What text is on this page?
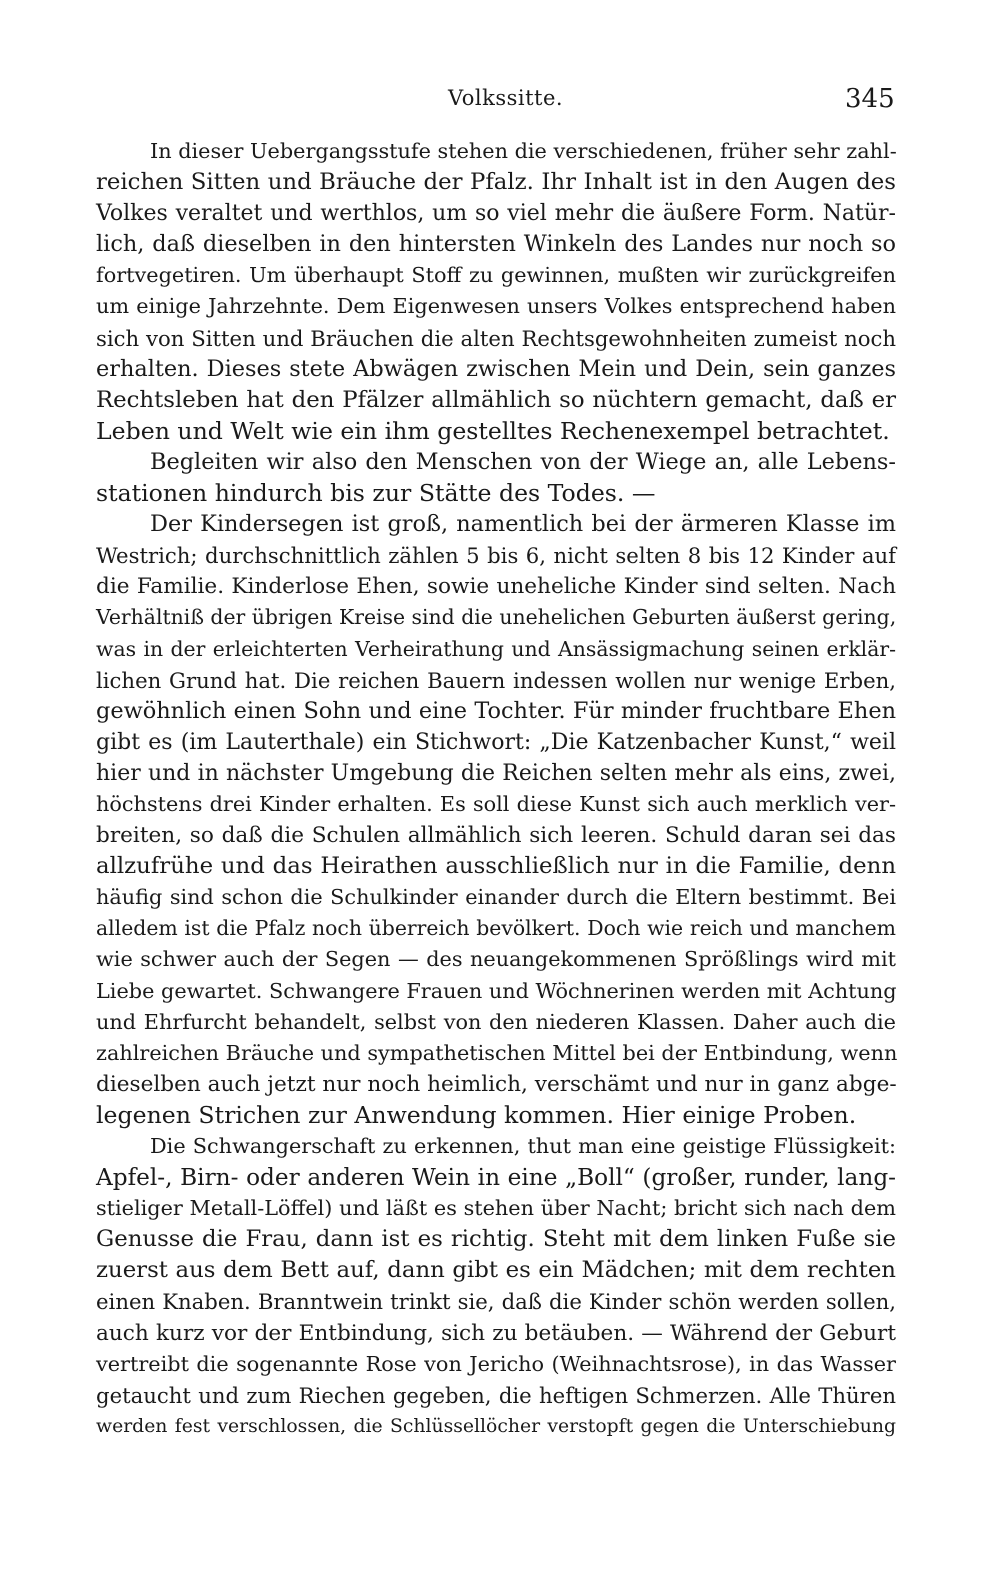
Volkssitte.	345
In dieser Uebergangsstufe stehen die verschiedenen, früher sehr zahl-
reichen Sitten und Bräuche der Pfalz. Ihr Inhalt ist in den Augen des
Volkes veraltet und werthlos, um so viel mehr die äußere Form. Natür-
lich, daß dieselben in den hintersten Winkeln des Landes nur noch so
fortvegetiren. Um überhaupt Stoff zu gewinnen, mußten wir zurückgreifen
um einige Jahrzehnte. Dem Eigenwesen unsers Volkes entsprechend haben
sich von Sitten und Bräuchen die alten Rechtsgewohnheiten zumeist noch
erhalten. Dieses stete Abwägen zwischen Mein und Dein, sein ganzes
Rechtsleben hat den Pfälzer allmählich so nüchtern gemacht, daß er
Leben und Welt wie ein ihm gestelltes Rechenexempel betrachtet.
Begleiten wir also den Menschen von der Wiege an, alle Lebens-
stationen hindurch bis zur Stätte des Todes. —
Der Kindersegen ist groß, namentlich bei der ärmeren Klasse im
Westrich; durchschnittlich zählen 5 bis 6, nicht selten 8 bis 12 Kinder auf
die Familie. Kinderlose Ehen, sowie uneheliche Kinder sind selten. Nach
Verhältniß der übrigen Kreise sind die unehelichen Geburten äußerst gering,
was in der erleichterten Verheirathung und Ansässigmachung seinen erklär-
lichen Grund hat. Die reichen Bauern indessen wollen nur wenige Erben,
gewöhnlich einen Sohn und eine Tochter. Für minder fruchtbare Ehen
gibt es (im Lauterthale) ein Stichwort: „Die Katzenbacher Kunst,“ weil
hier und in nächster Umgebung die Reichen selten mehr als eins, zwei,
höchstens drei Kinder erhalten. Es soll diese Kunst sich auch merklich ver-
breiten, so daß die Schulen allmählich sich leeren. Schuld daran sei das
allzufrühe und das Heirathen ausschließlich nur in die Familie, denn
häufig sind schon die Schulkinder einander durch die Eltern bestimmt. Bei
alledem ist die Pfalz noch überreich bevölkert. Doch wie reich und manchem
wie schwer auch der Segen — des neuangekommenen Sprößlings wird mit
Liebe gewartet. Schwangere Frauen und Wöchnerinen werden mit Achtung
und Ehrfurcht behandelt, selbst von den niederen Klassen. Daher auch die
zahlreichen Bräuche und sympathetischen Mittel bei der Entbindung, wenn
dieselben auch jetzt nur noch heimlich, verschämt und nur in ganz abge-
legenen Strichen zur Anwendung kommen. Hier einige Proben.
Die Schwangerschaft zu erkennen, thut man eine geistige Flüssigkeit:
Apfel-, Birn- oder anderen Wein in eine „Boll“ (großer, runder, lang-
stieliger Metall-Löffel) und läßt es stehen über Nacht; bricht sich nach dem
Genusse die Frau, dann ist es richtig. Steht mit dem linken Fuße sie
zuerst aus dem Bett auf, dann gibt es ein Mädchen; mit dem rechten
einen Knaben. Branntwein trinkt sie, daß die Kinder schön werden sollen,
auch kurz vor der Entbindung, sich zu betäuben. — Während der Geburt
vertreibt die sogenannte Rose von Jericho (Weihnachtsrose), in das Wasser
getaucht und zum Riechen gegeben, die heftigen Schmerzen. Alle Thüren
werden fest verschlossen, die Schlüssellöcher verstopft gegen die Unterschiebung
